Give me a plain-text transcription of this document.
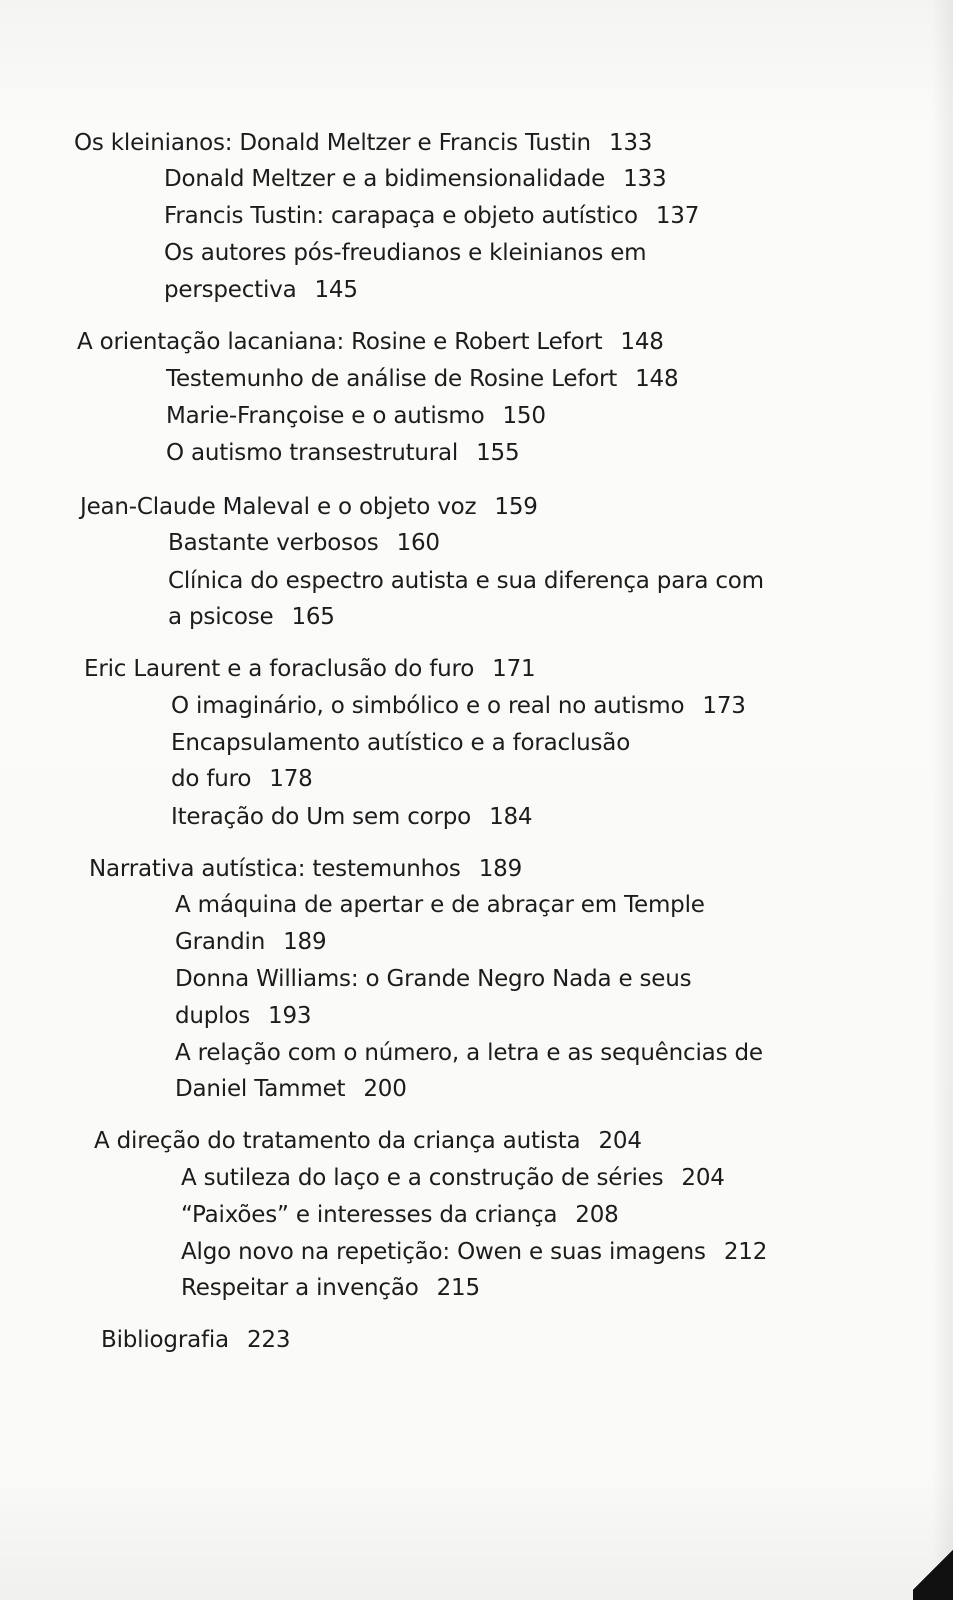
Os kleinianos: Donald Meltzer e Francis Tustin 133
Donald Meltzer e a bidimensionalidade 133
Francis Tustin: carapaça e objeto autístico 137
Os autores pós-freudianos e kleinianos em
perspectiva 145
A orientação lacaniana: Rosine e Robert Lefort 148
Testemunho de análise de Rosine Lefort 148
Marie-Françoise e o autismo 150
O autismo transestrutural 155
Jean-Claude Maleval e o objeto voz 159
Bastante verbosos 160
Clínica do espectro autista e sua diferença para com
a psicose 165
Eric Laurent e a foraclusão do furo 171
O imaginário, o simbólico e o real no autismo 173
Encapsulamento autístico e a foraclusão
do furo 178
Iteração do Um sem corpo 184
Narrativa autística: testemunhos 189
A máquina de apertar e de abraçar em Temple
Grandin 189
Donna Williams: o Grande Negro Nada e seus
duplos 193
A relação com o número, a letra e as sequências de
Daniel Tammet 200
A direção do tratamento da criança autista 204
A sutileza do laço e a construção de séries 204
“Paixões” e interesses da criança 208
Algo novo na repetição: Owen e suas imagens 212
Respeitar a invenção 215
Bibliografia 223
